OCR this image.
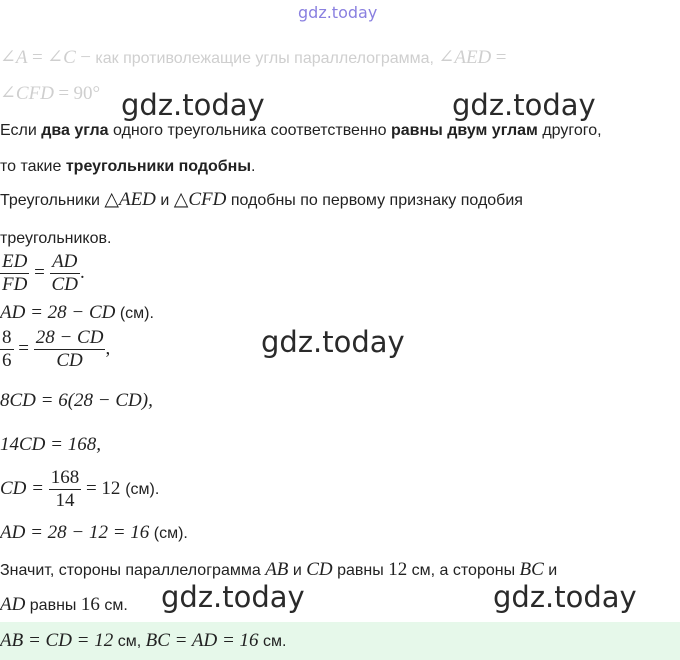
gdz.today
∠A = ∠C − как противолежащие углы параллелограмма, ∠AED =
∠CFD = 90°
Если два угла одного треугольника соответственно равны двум углам другого,
то такие треугольники подобны.
Треугольники △AED и △CFD подобны по первому признаку подобия
треугольников.
$\frac{ED}{FD} = \frac{AD}{CD}$ .
AD = 28 − CD (см).
$\frac{8}{6} = \frac{28 - CD}{CD}$ ,
8CD = 6(28 − CD),
14CD = 168,
CD = $\frac{168}{14} = 12$ (см).
AD = 28 − 12 = 16 (см).
Значит, стороны параллелограмма AB и CD равны 12 см, а стороны BC и
AD равны 16 см.
AB = CD = 12 см, BC = AD = 16 см.
gdz.today	gdz.today
gdz.today
gdz.today	gdz.today
